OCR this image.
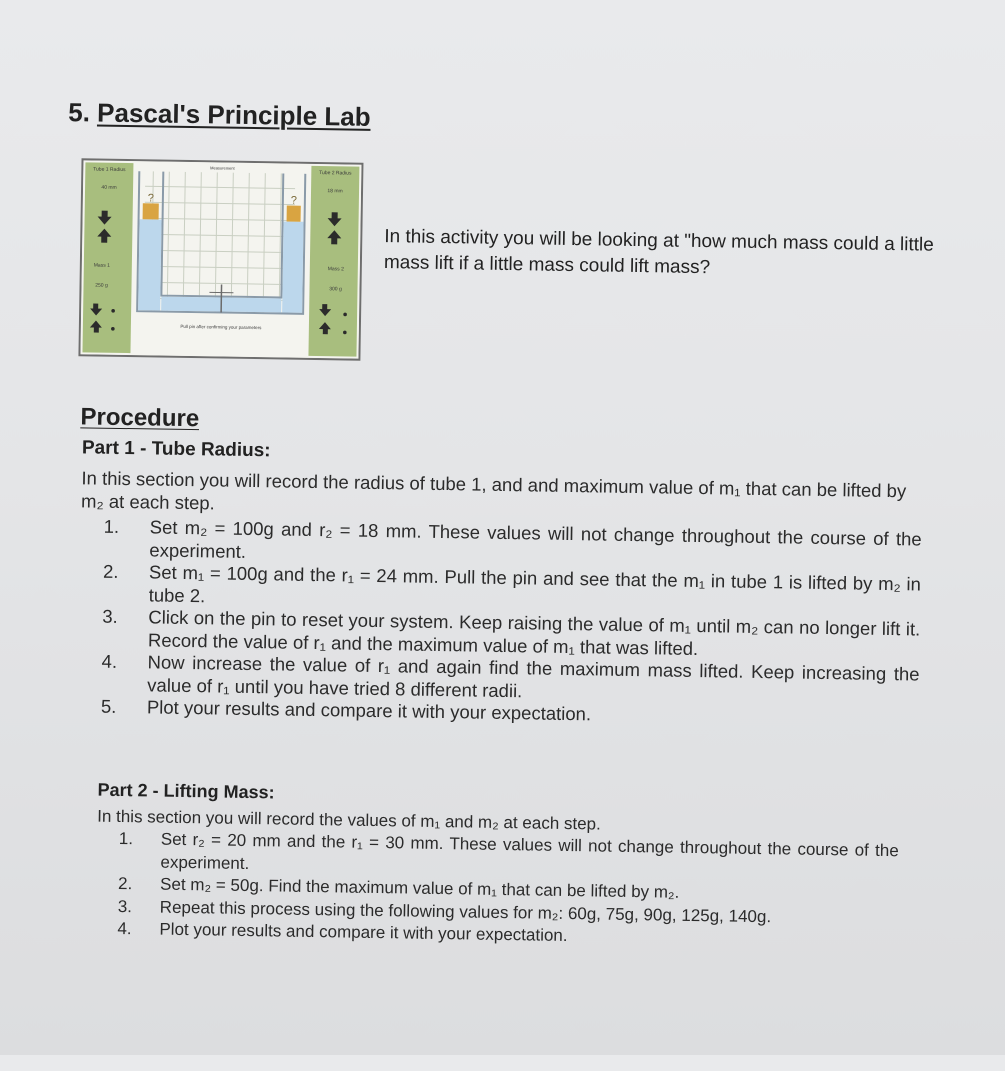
5. Pascal's Principle Lab
Tube 1 Radius
40 mm
Tube 2 Radius
18 mm
Mass 1
250 g
Mass 2
300 g
Measurement
Pull pin after confirming your parameters
?	?

In this activity you will be looking at "how much mass could a little mass lift if a little mass could lift mass?

Procedure
Part 1 - Tube Radius:

In this section you will record the radius of tube 1, and and maximum value of m₁ that can be lifted by m₂ at each step.

1. Set m₂ = 100g and r₂ = 18 mm. These values will not change throughout the course of the experiment.
2. Set m₁ = 100g and the r₁ = 24 mm. Pull the pin and see that the m₁ in tube 1 is lifted by m₂ in tube 2.
3. Click on the pin to reset your system. Keep raising the value of m₁ until m₂ can no longer lift it. Record the value of r₁ and the maximum value of m₁ that was lifted.
4. Now increase the value of r₁ and again find the maximum mass lifted. Keep increasing the value of r₁ until you have tried 8 different radii.
5. Plot your results and compare it with your expectation.
Part 2 - Lifting Mass:

In this section you will record the values of m₁ and m₂ at each step.

1. Set r₂ = 20 mm and the r₁ = 30 mm. These values will not change throughout the course of the experiment.
2. Set m₂ = 50g. Find the maximum value of m₁ that can be lifted by m₂.
3. Repeat this process using the following values for m₂: 60g, 75g, 90g, 125g, 140g.
4. Plot your results and compare it with your expectation.
